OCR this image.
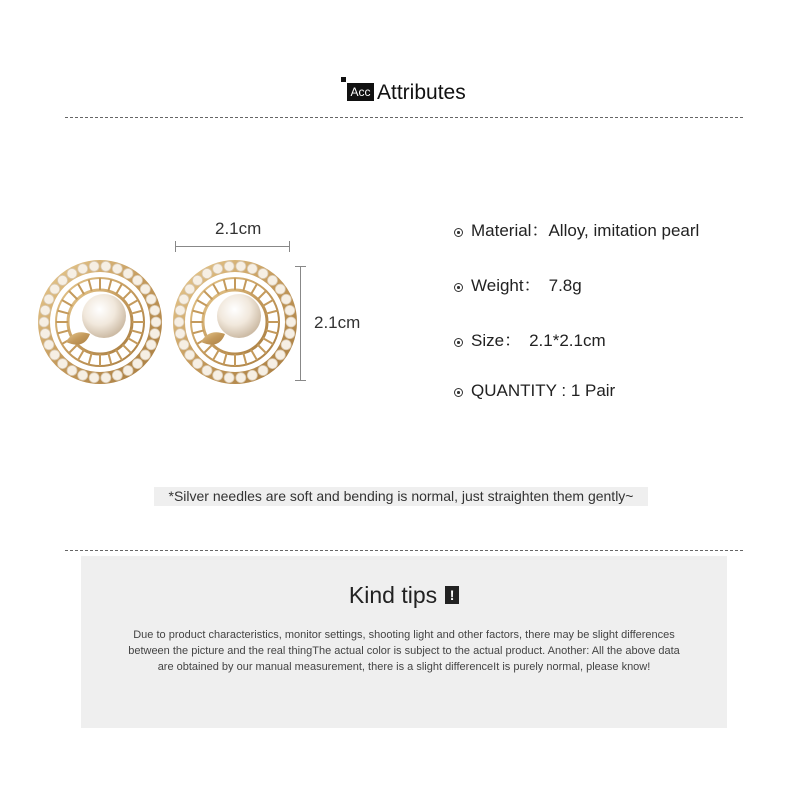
Acc Attributes
2.1cm
2.1cm
Material：Alloy, imitation pearl
Weight： 7.8g
Size： 2.1*2.1cm
QUANTITY : 1 Pair
*Silver needles are soft and bending is normal, just straighten them gently~
Kind tips !
Due to product characteristics, monitor settings, shooting light and other factors, there may be slight differences between the picture and the real thingThe actual color is subject to the actual product. Another: All the above data are obtained by our manual measurement, there is a slight differenceIt is purely normal, please know!
